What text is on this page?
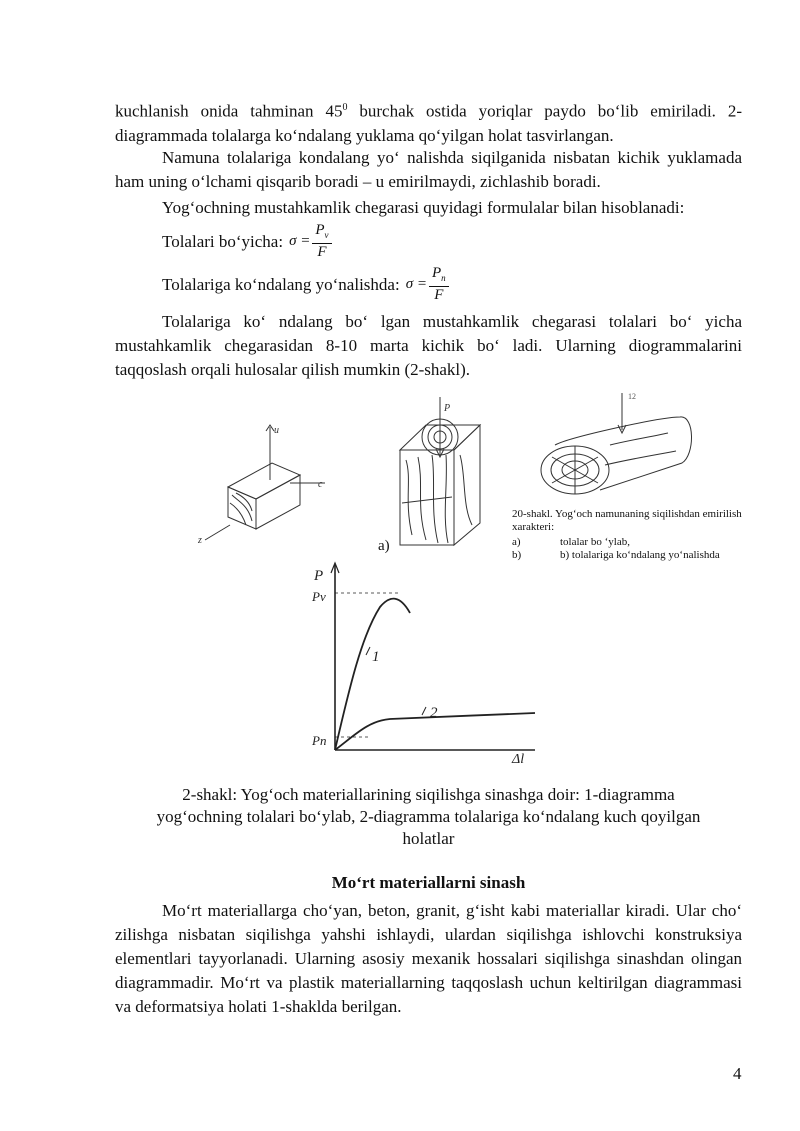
kuchlanish onida tahminan $45^0$ burchak ostida yoriqlar paydo bo‘lib emiriladi. 2-diagrammada tolalarga ko‘ndalang yuklama qo‘yilgan holat tasvirlangan.

Namuna tolalariga kondalang yo‘ nalishda siqilganida nisbatan kichik yuklamada ham uning o‘lchami qisqarib boradi – u emirilmaydi, zichlashib boradi.

Yog‘ochning mustahkamlik chegarasi quyidagi formulalar bilan hisoblanadi:

Tolalari bo‘yicha: $\sigma = \frac{P_v}{F}$
Tolalariga ko‘ndalang yo‘nalishda: $\sigma = \frac{P_n}{F}$

Tolalariga ko‘ ndalang bo‘ lgan mustahkamlik chegarasi tolalari bo‘ yicha mustahkamlik chegarasidan 8-10 marta kichik bo‘ ladi. Ularning diogrammalarini taqqoslash orqali hulosalar qilish mumkin (2-shakl).

u
c
z
P
12
P
Pv
Pn
1
2
Δl
a)
20-shakl. Yog‘och namunaning siqilishdan emirilish xarakteri:
a)	tolalar bo ‘ylab,
b)	b) tolalariga ko‘ndalang yo‘nalishda
2-shakl: Yog‘och materiallarining siqilishga sinashga doir: 1-diagramma yog‘ochning tolalari bo‘ylab, 2-diagramma tolalariga ko‘ndalang kuch qoyilgan holatlar
Mo‘rt materiallarni sinash

Mo‘rt materiallarga cho‘yan, beton, granit, g‘isht kabi materiallar kiradi. Ular cho‘ zilishga nisbatan siqilishga yahshi ishlaydi, ulardan siqilishga ishlovchi konstruksiya elementlari tayyorlanadi. Ularning asosiy mexanik hossalari siqilishga sinashdan olingan diagrammadir. Mo‘rt va plastik materiallarning taqqoslash uchun keltirilgan diagrammasi va deformatsiya holati 1-shaklda berilgan.

4
